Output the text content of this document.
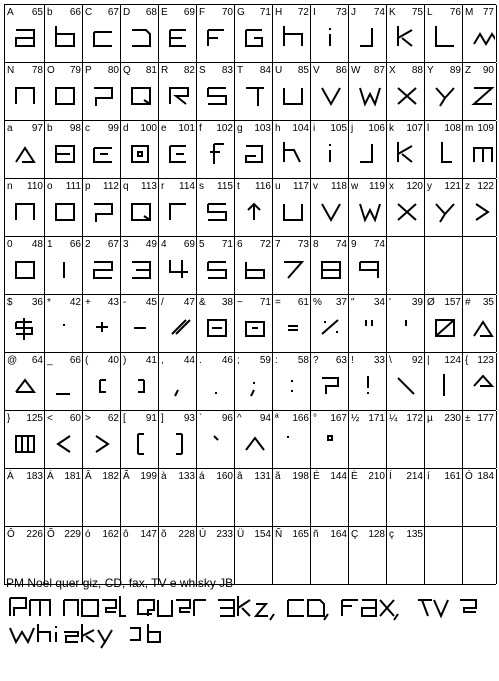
A 65 b 66 C 67 D 68 E 69 F 70 G 71 H 72 I 73 J 74 K 75 L 76 M 77
N 78 O 79 P 80 Q 81 R 82 S 83 T 84 U 85 V 86 W 87 X 88 Y 89 Z 90
a 97 b 98 c 99 d 100 e 101 f 102 g 103 h 104 i 105 j 106 k 107 l 108 m 109
n 110 o 111 p 112 q 113 r 114 s 115 t 116 u 117 v 118 w 119 x 120 y 121 z 122
0 48 1 66 2 67 3 49 4 69 5 71 6 72 7 73 8 74 9 74
$ 36 * 42 + 43 - 45 / 47 & 38 ~ 71 = 61 % 37 " 34 ' 39 Ø 157 # 35
@ 64 _ 66 ( 40 ) 41 , 44 . 46 ; 59 : 58 ? 63 ! 33 \ 92 | 124 { 123
} 125 < 60 > 62 [ 91 ] 93 ` 96 ^ 94 ª 166 ° 167 ½ 171 ¼ 172 µ 230 ± 177
À 183 Á 181 Â 182 Ã 199 à 133 á 160 â 131 ã 198 É 144 È 210 Í 214 í 161 Ó 184
Ô 226 Õ 229 ó 162 ô 147 õ 228 Ú 233 Ü 154 Ñ 165 ñ 164 Ç 128 ç 135
PM Noel quer giz, CD, fax, TV e whisky JB
